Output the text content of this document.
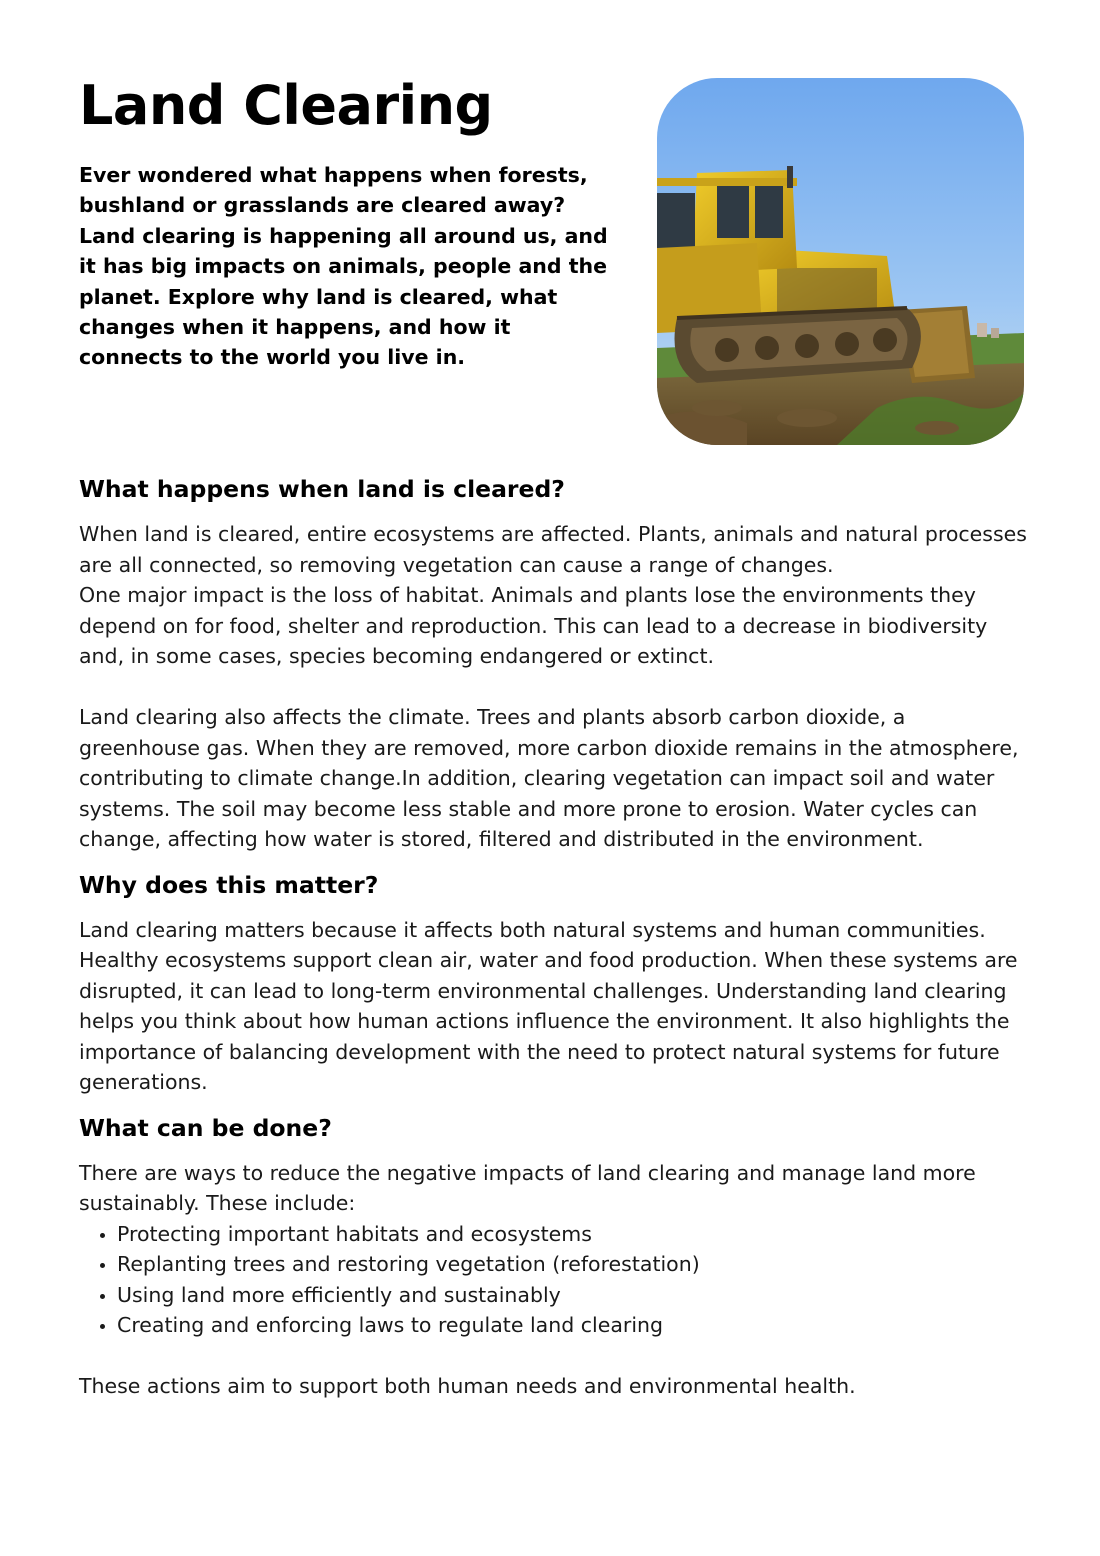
Land Clearing

Ever wondered what happens when forests, bushland or grasslands are cleared away? Land clearing is happening all around us, and it has big impacts on animals, people and the planet. Explore why land is cleared, what changes when it happens, and how it connects to the world you live in.

What happens when land is cleared?

When land is cleared, entire ecosystems are affected. Plants, animals and natural processes are all connected, so removing vegetation can cause a range of changes.

One major impact is the loss of habitat. Animals and plants lose the environments they depend on for food, shelter and reproduction. This can lead to a decrease in biodiversity and, in some cases, species becoming endangered or extinct.

Land clearing also affects the climate. Trees and plants absorb carbon dioxide, a greenhouse gas. When they are removed, more carbon dioxide remains in the atmosphere, contributing to climate change.In addition, clearing vegetation can impact soil and water systems. The soil may become less stable and more prone to erosion. Water cycles can change, affecting how water is stored, filtered and distributed in the environment.

Why does this matter?

Land clearing matters because it affects both natural systems and human communities. Healthy ecosystems support clean air, water and food production. When these systems are disrupted, it can lead to long-term environmental challenges. Understanding land clearing helps you think about how human actions influence the environment. It also highlights the importance of balancing development with the need to protect natural systems for future generations.

What can be done?

There are ways to reduce the negative impacts of land clearing and manage land more sustainably. These include:

• Protecting important habitats and ecosystems
• Replanting trees and restoring vegetation (reforestation)
• Using land more efficiently and sustainably
• Creating and enforcing laws to regulate land clearing

These actions aim to support both human needs and environmental health.
